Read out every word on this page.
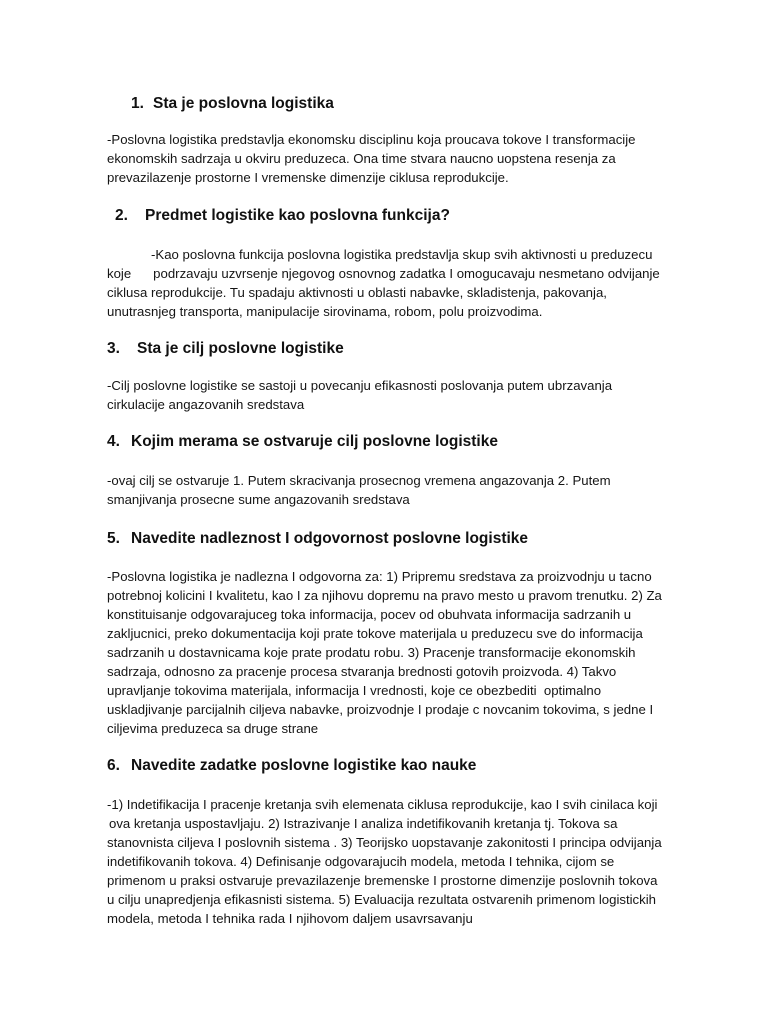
1. Sta je poslovna logistika
-Poslovna logistika predstavlja ekonomsku disciplinu koja proucava tokove I transformacije
ekonomskih sadrzaja u okviru preduzeca. Ona time stvara naucno uopstena resenja za
prevazilazenje prostorne I vremenske dimenzije ciklusa reprodukcije.
2. Predmet logistike kao poslovna funkcija?
-Kao poslovna funkcija poslovna logistika predstavlja skup svih aktivnosti u preduzecu
koje      podrzavaju uzvrsenje njegovog osnovnog zadatka I omogucavaju nesmetano odvijanje
ciklusa reprodukcije. Tu spadaju aktivnosti u oblasti nabavke, skladistenja, pakovanja,
unutrasnjeg transporta, manipulacije sirovinama, robom, polu proizvodima.
3. Sta je cilj poslovne logistike
-Cilj poslovne logistike se sastoji u povecanju efikasnosti poslovanja putem ubrzavanja
cirkulacije angazovanih sredstava
4. Kojim merama se ostvaruje cilj poslovne logistike
-ovaj cilj se ostvaruje 1. Putem skracivanja prosecnog vremena angazovanja 2. Putem
smanjivanja prosecne sume angazovanih sredstava
5. Navedite nadleznost I odgovornost poslovne logistike
-Poslovna logistika je nadlezna I odgovorna za: 1) Pripremu sredstava za proizvodnju u tacno
potrebnoj kolicini I kvalitetu, kao I za njihovu dopremu na pravo mesto u pravom trenutku. 2) Za
konstituisanje odgovarajuceg toka informacija, pocev od obuhvata informacija sadrzanih u
zakljucnici, preko dokumentacija koji prate tokove materijala u preduzecu sve do informacija
sadrzanih u dostavnicama koje prate prodatu robu. 3) Pracenje transformacije ekonomskih
sadrzaja, odnosno za pracenje procesa stvaranja brednosti gotovih proizvoda. 4) Takvo
upravljanje tokovima materijala, informacija I vrednosti, koje ce obezbediti  optimalno
uskladjivanje parcijalnih ciljeva nabavke, proizvodnje I prodaje c novcanim tokovima, s jedne I
ciljevima preduzeca sa druge strane
6. Navedite zadatke poslovne logistike kao nauke
-1) Indetifikacija I pracenje kretanja svih elemenata ciklusa reprodukcije, kao I svih cinilaca koji
ova kretanja uspostavljaju. 2) Istrazivanje I analiza indetifikovanih kretanja tj. Tokova sa
stanovnista ciljeva I poslovnih sistema . 3) Teorijsko uopstavanje zakonitosti I principa odvijanja
indetifikovanih tokova. 4) Definisanje odgovarajucih modela, metoda I tehnika, cijom se
primenom u praksi ostvaruje prevazilazenje bremenske I prostorne dimenzije poslovnih tokova
u cilju unapredjenja efikasnisti sistema. 5) Evaluacija rezultata ostvarenih primenom logistickih
modela, metoda I tehnika rada I njihovom daljem usavrsavanju
